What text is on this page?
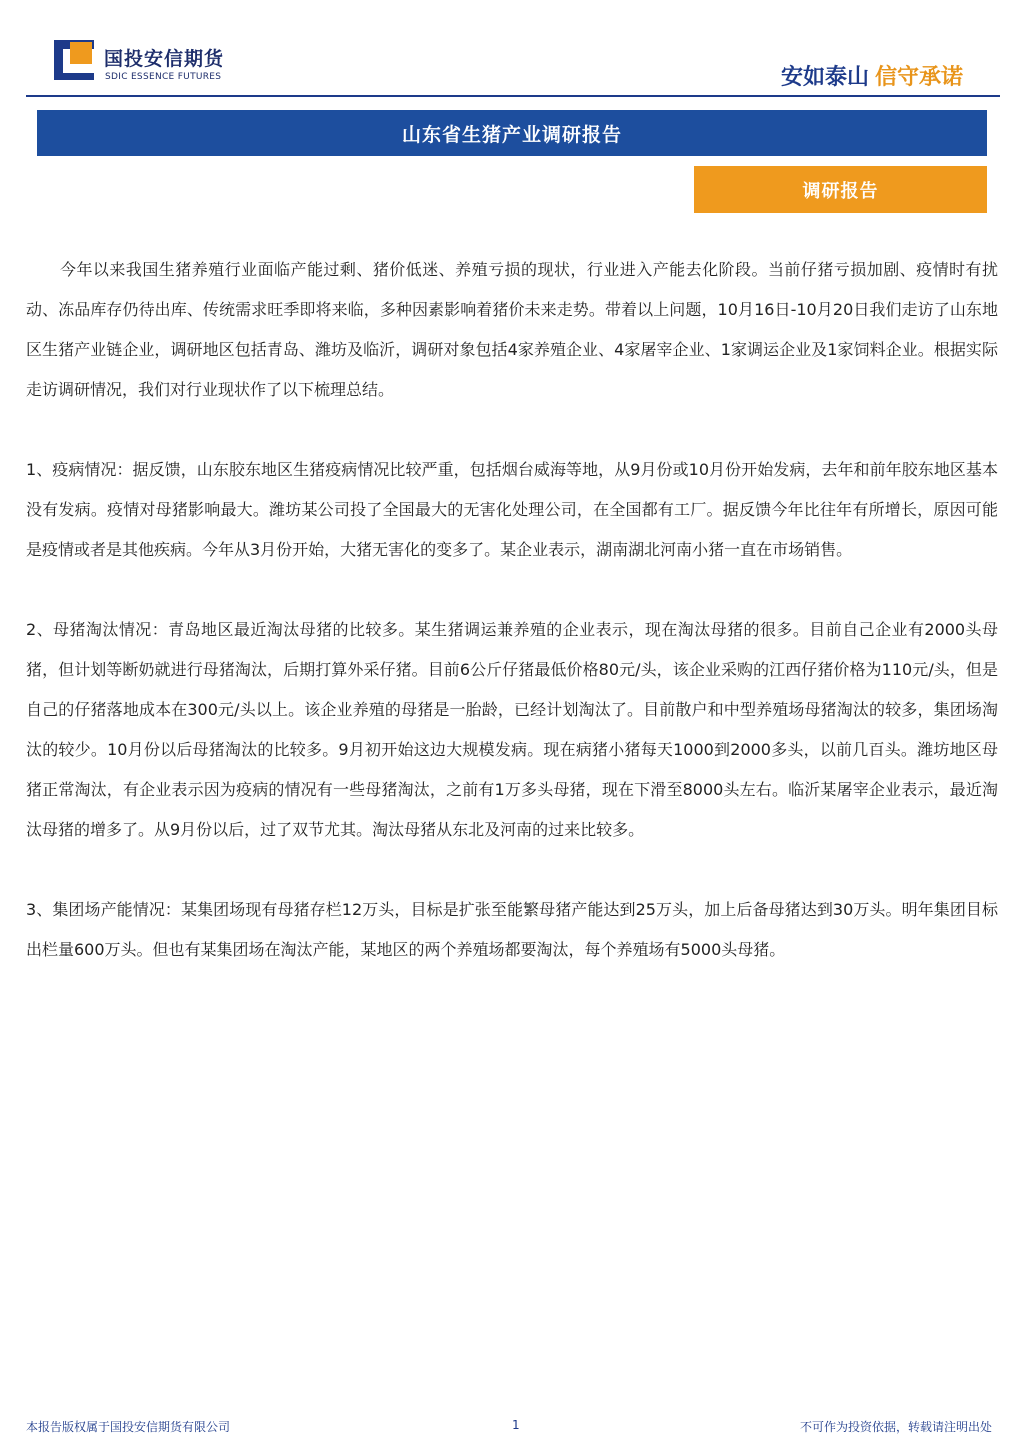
国投安信期货
SDIC ESSENCE FUTURES	安如泰山 信守承诺
山东省生猪产业调研报告
调研报告

今年以来我国生猪养殖行业面临产能过剩、猪价低迷、养殖亏损的现状，行业进入产能去化阶段。当前仔猪亏损加剧、疫情时有扰动、冻品库存仍待出库、传统需求旺季即将来临，多种因素影响着猪价未来走势。带着以上问题，10月16日-10月20日我们走访了山东地区生猪产业链企业，调研地区包括青岛、潍坊及临沂，调研对象包括4家养殖企业、4家屠宰企业、1家调运企业及1家饲料企业。根据实际走访调研情况，我们对行业现状作了以下梳理总结。

1、疫病情况：据反馈，山东胶东地区生猪疫病情况比较严重，包括烟台威海等地，从9月份或10月份开始发病，去年和前年胶东地区基本没有发病。疫情对母猪影响最大。潍坊某公司投了全国最大的无害化处理公司，在全国都有工厂。据反馈今年比往年有所增长，原因可能是疫情或者是其他疾病。今年从3月份开始，大猪无害化的变多了。某企业表示，湖南湖北河南小猪一直在市场销售。

2、母猪淘汰情况：青岛地区最近淘汰母猪的比较多。某生猪调运兼养殖的企业表示，现在淘汰母猪的很多。目前自己企业有2000头母猪，但计划等断奶就进行母猪淘汰，后期打算外采仔猪。目前6公斤仔猪最低价格80元/头，该企业采购的江西仔猪价格为110元/头，但是自己的仔猪落地成本在300元/头以上。该企业养殖的母猪是一胎龄，已经计划淘汰了。目前散户和中型养殖场母猪淘汰的较多，集团场淘汰的较少。10月份以后母猪淘汰的比较多。9月初开始这边大规模发病。现在病猪小猪每天1000到2000多头，以前几百头。潍坊地区母猪正常淘汰，有企业表示因为疫病的情况有一些母猪淘汰，之前有1万多头母猪，现在下滑至8000头左右。临沂某屠宰企业表示，最近淘汰母猪的增多了。从9月份以后，过了双节尤其。淘汰母猪从东北及河南的过来比较多。

3、集团场产能情况：某集团场现有母猪存栏12万头，目标是扩张至能繁母猪产能达到25万头，加上后备母猪达到30万头。明年集团目标出栏量600万头。但也有某集团场在淘汰产能，某地区的两个养殖场都要淘汰，每个养殖场有5000头母猪。

本报告版权属于国投安信期货有限公司	1	不可作为投资依据，转载请注明出处
